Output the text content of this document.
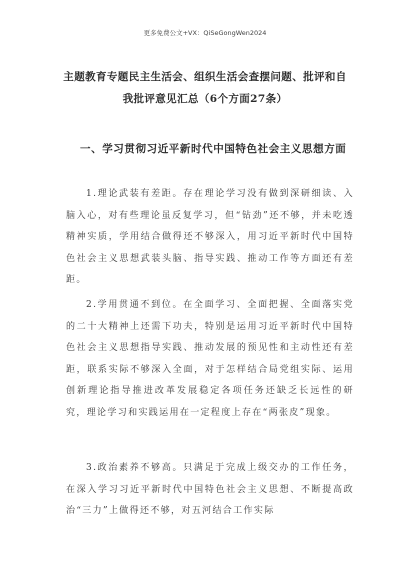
更多免费公文+VX：QiSeGongWen2024
主题教育专题民主生活会、组织生活会查摆问题、批评和自我批评意见汇总（6个方面27条）
一、学习贯彻习近平新时代中国特色社会主义思想方面

1.理论武装有差距。存在理论学习没有做到深研细读、入脑入心，对有些理论虽反复学习，但“钻劲”还不够，并未吃透精神实质，学用结合做得还不够深入，用习近平新时代中国特色社会主义思想武装头脑、指导实践、推动工作等方面还有差距。

2.学用贯通不到位。在全面学习、全面把握、全面落实党的二十大精神上还需下功夫，特别是运用习近平新时代中国特色社会主义思想指导实践、推动发展的预见性和主动性还有差距，联系实际不够深入全面，对于怎样结合局党组实际、运用创新理论指导推进改革发展稳定各项任务还缺乏长远性的研究，理论学习和实践运用在一定程度上存在“两张皮”现象。

3.政治素养不够高。只满足于完成上级交办的工作任务，在深入学习习近平新时代中国特色社会主义思想、不断提高政治“三力”上做得还不够，对五河结合工作实际
